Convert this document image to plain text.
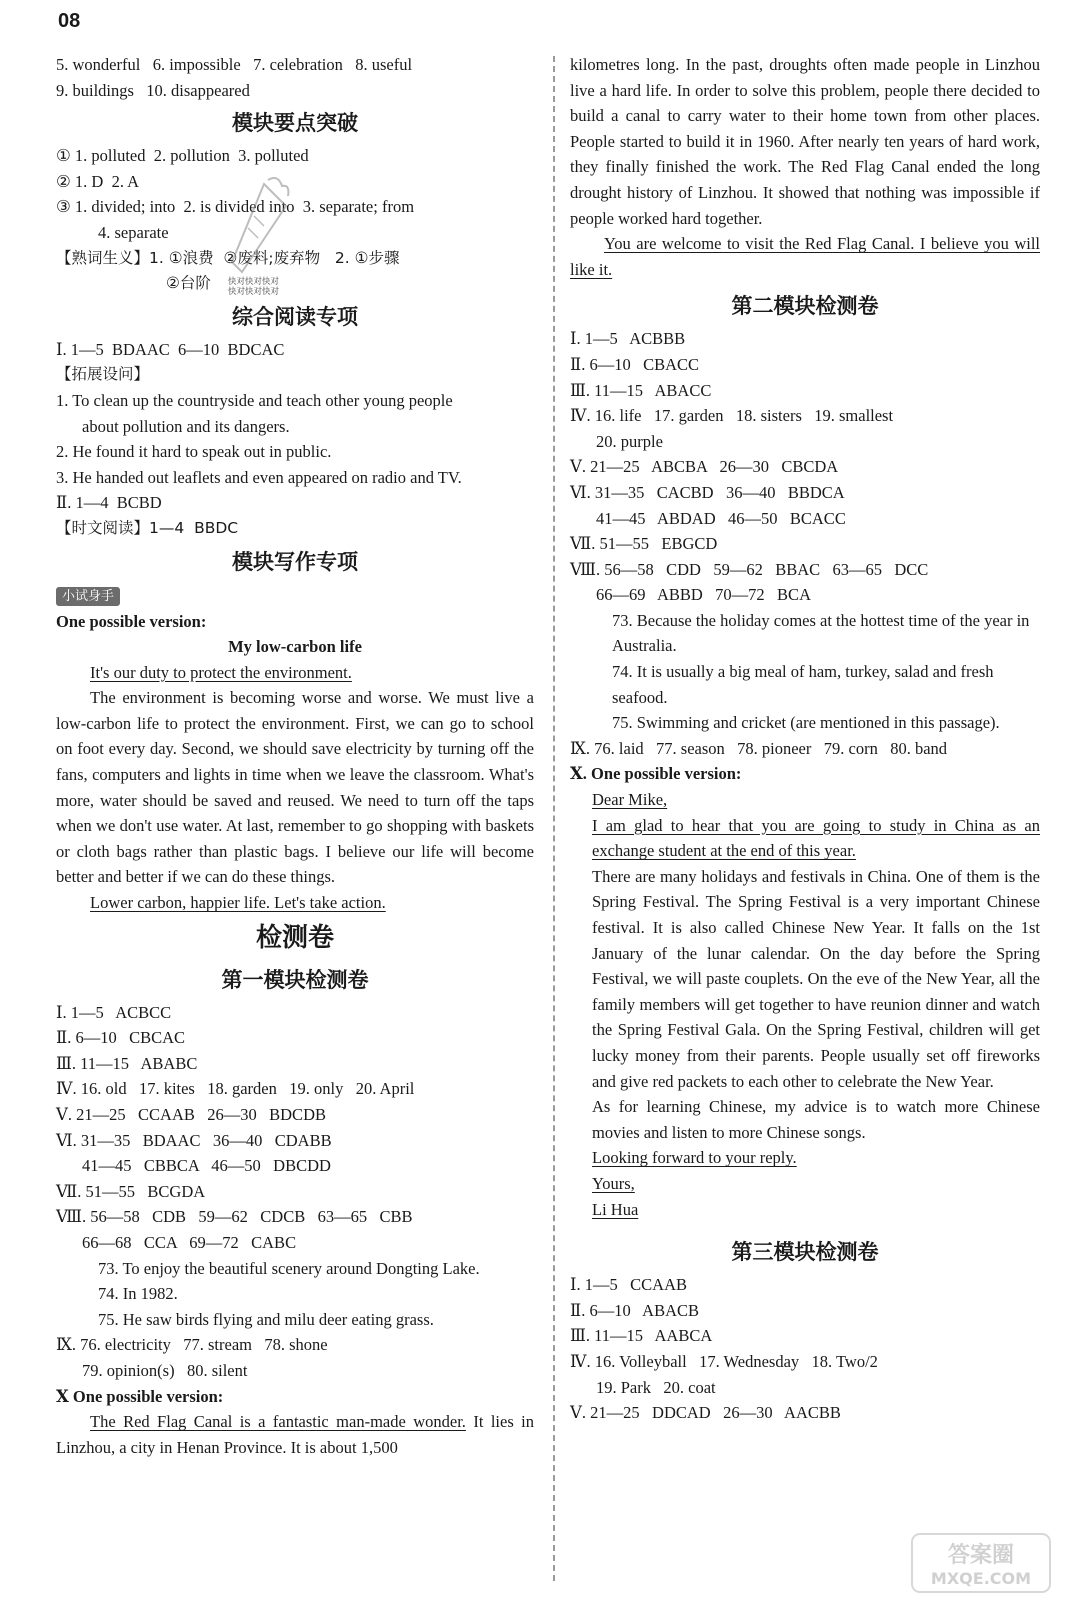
08
5. wonderful   6. impossible   7. celebration   8. useful
9. buildings   10. disappeared
模块要点突破
① 1. polluted  2. pollution  3. polluted
② 1. D  2. A
③ 1. divided; into  2. is divided into  3. separate; from
4. separate
【熟词生义】1. ①浪费  ②废料;废弃物   2. ①步骤
②台阶
综合阅读专项
Ⅰ. 1—5  BDAAC  6—10  BDCAC
【拓展设问】
1. To clean up the countryside and teach other young people
about pollution and its dangers.
2. He found it hard to speak out in public.
3. He handed out leaflets and even appeared on radio and TV.
Ⅱ. 1—4  BCBD
【时文阅读】1—4  BBDC
模块写作专项
小试身手
One possible version:
My low-carbon life
It's our duty to protect the environment.
The environment is becoming worse and worse. We must live a low-carbon life to protect the environment. First, we can go to school on foot every day. Second, we should save electricity by turning off the fans, computers and lights in time when we leave the classroom. What's more, water should be saved and reused. We need to turn off the taps when we don't use water. At last, remember to go shopping with baskets or cloth bags rather than plastic bags. I believe our life will become better and better if we can do these things.
Lower carbon, happier life. Let's take action.
检测卷
第一模块检测卷
Ⅰ. 1—5   ACBCC
Ⅱ. 6—10   CBCAC
Ⅲ. 11—15   ABABC
Ⅳ. 16. old   17. kites   18. garden   19. only   20. April
Ⅴ. 21—25   CCAAB   26—30   BDCDB
Ⅵ. 31—35   BDAAC   36—40   CDABB
41—45   CBBCA   46—50   DBCDD
Ⅶ. 51—55   BCGDA
Ⅷ. 56—58   CDB   59—62   CDCB   63—65   CBB
66—68   CCA   69—72   CABC
73. To enjoy the beautiful scenery around Dongting Lake.
74. In 1982.
75. He saw birds flying and milu deer eating grass.
Ⅸ. 76. electricity   77. stream   78. shone
79. opinion(s)   80. silent
Ⅹ One possible version:
The Red Flag Canal is a fantastic man-made wonder. It lies in Linzhou, a city in Henan Province. It is about 1,500
kilometres long. In the past, droughts often made people in Linzhou live a hard life. In order to solve this problem, people there decided to build a canal to carry water to their home town from other places. People started to build it in 1960. After nearly ten years of hard work, they finally finished the work. The Red Flag Canal ended the long drought history of Linzhou. It showed that nothing was impossible if people worked hard together.
You are welcome to visit the Red Flag Canal. I believe you will like it.
第二模块检测卷
Ⅰ. 1—5   ACBBB
Ⅱ. 6—10   CBACC
Ⅲ. 11—15   ABACC
Ⅳ. 16. life   17. garden   18. sisters   19. smallest
20. purple
Ⅴ. 21—25   ABCBA   26—30   CBCDA
Ⅵ. 31—35   CACBD   36—40   BBDCA
41—45   ABDAD   46—50   BCACC
Ⅶ. 51—55   EBGCD
Ⅷ. 56—58   CDD   59—62   BBAC   63—65   DCC
66—69   ABBD   70—72   BCA
73. Because the holiday comes at the hottest time of the year in Australia.
74. It is usually a big meal of ham, turkey, salad and fresh seafood.
75. Swimming and cricket (are mentioned in this passage).
Ⅸ. 76. laid   77. season   78. pioneer   79. corn   80. band
Ⅹ. One possible version:
Dear Mike,
I am glad to hear that you are going to study in China as an exchange student at the end of this year.
There are many holidays and festivals in China. One of them is the Spring Festival. The Spring Festival is a very important Chinese festival. It is also called Chinese New Year. It falls on the 1st January of the lunar calendar. On the day before the Spring Festival, we will paste couplets. On the eve of the New Year, all the family members will get together to have reunion dinner and watch the Spring Festival Gala. On the Spring Festival, children will get lucky money from their parents. People usually set off fireworks and give red packets to each other to celebrate the New Year.
As for learning Chinese, my advice is to watch more Chinese movies and listen to more Chinese songs.
Looking forward to your reply.
Yours,
Li Hua
第三模块检测卷
Ⅰ. 1—5   CCAAB
Ⅱ. 6—10   ABACB
Ⅲ. 11—15   AABCA
Ⅳ. 16. Volleyball   17. Wednesday   18. Two/2
19. Park   20. coat
Ⅴ. 21—25   DDCAD   26—30   AACBB
快对快对快对
快对快对快对
答案圈
MXQE.COM
